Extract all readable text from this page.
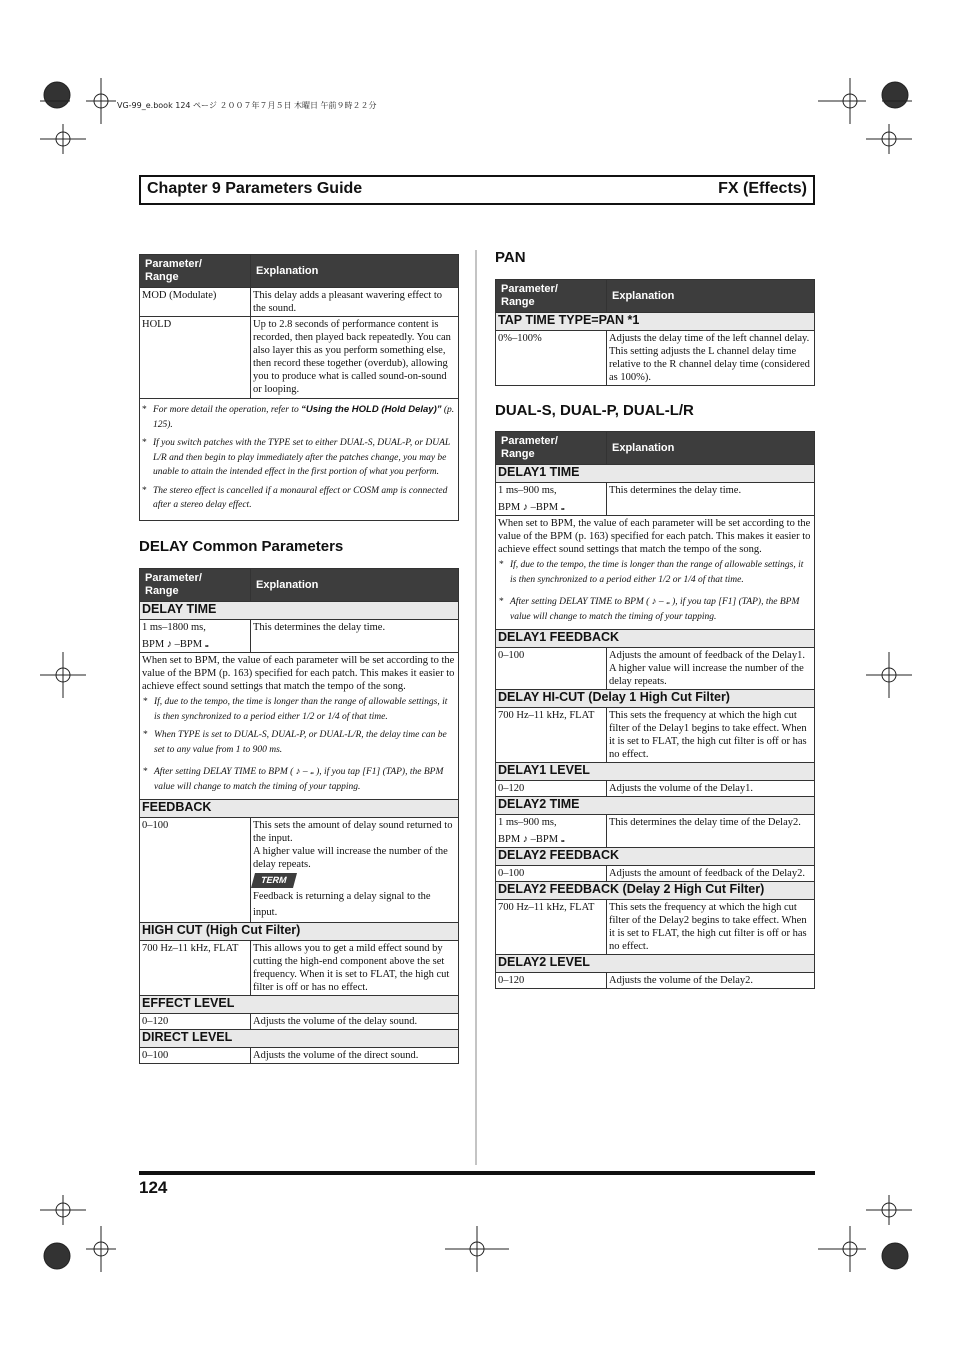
VG-99_e.book 124 ページ ２００７年７月５日 木曜日 午前９時２２分
Chapter 9 Parameters Guide	FX (Effects)
Parameter/
Range	Explanation
MOD (Modulate)	This delay adds a pleasant wavering effect to the sound.
HOLD	Up to 2.8 seconds of performance content is recorded, then played back repeatedly. You can also layer this as you perform something else, then record these together (overdub), allowing you to produce what is called sound-on-sound or looping.

* For more detail the operation, refer to “Using the HOLD (Hold Delay)” (p. 125).
* If you switch patches with the TYPE set to either DUAL-S, DUAL-P, or DUAL L/R and then begin to play immediately after the patches change, you may be unable to attain the intended effect in the first portion of what you perform.
* The stereo effect is cancelled if a monaural effect or COSM amp is connected after a stereo delay effect.
DELAY Common Parameters
Parameter/
Range	Explanation
DELAY TIME	

1 ms–1800 ms,
BPM ♪ –BPM 𝅝	This determines the delay time.

When set to BPM, the value of each parameter will be set according to the value of the BPM (p. 163) specified for each patch. This makes it easier to achieve effect sound settings that match the tempo of the song.
* If, due to the tempo, the time is longer than the range of allowable settings, it is then synchronized to a period either 1/2 or 1/4 of that time.
* When TYPE is set to DUAL-S, DUAL-P, or DUAL-L/R, the delay time can be set to any value from 1 to 900 ms.
* After setting DELAY TIME to BPM ( ♪ – 𝅝 ), if you tap [F1] (TAP), the BPM value will change to match the timing of your tapping.

FEEDBACK	
0–100	This sets the amount of delay sound returned to the input.
A higher value will increase the number of the delay repeats.
TERM
Feedback is returning a delay signal to the input.

HIGH CUT (High Cut Filter)	
700 Hz–11 kHz, FLAT	This allows you to get a mild effect sound by cutting the high-end component above the set frequency. When it is set to FLAT, the high cut filter is off or has no effect.
EFFECT LEVEL	
0–120	Adjusts the volume of the delay sound.
DIRECT LEVEL	
0–100	Adjusts the volume of the direct sound.
PAN
Parameter/
Range	Explanation
TAP TIME TYPE=PAN *1	
0%–100%	Adjusts the delay time of the left channel delay. This setting adjusts the L channel delay time relative to the R channel delay time (considered as 100%).
DUAL-S, DUAL-P, DUAL-L/R
Parameter/
Range	Explanation
DELAY1 TIME	

1 ms–900 ms,
BPM ♪ –BPM 𝅝	This determines the delay time.

When set to BPM, the value of each parameter will be set according to the value of the BPM (p. 163) specified for each patch. This makes it easier to achieve effect sound settings that match the tempo of the song.
* If, due to the tempo, the time is longer than the range of allowable settings, it is then synchronized to a period either 1/2 or 1/4 of that time.
* After setting DELAY TIME to BPM ( ♪ – 𝅝 ), if you tap [F1] (TAP), the BPM value will change to match the timing of your tapping.

DELAY1 FEEDBACK	
0–100	Adjusts the amount of feedback of the Delay1. A higher value will increase the number of the delay repeats.
DELAY HI-CUT (Delay 1 High Cut Filter)	
700 Hz–11 kHz, FLAT	This sets the frequency at which the high cut filter of the Delay1 begins to take effect. When it is set to FLAT, the high cut filter is off or has no effect.
DELAY1 LEVEL	
0–120	Adjusts the volume of the Delay1.
DELAY2 TIME	

1 ms–900 ms,
BPM ♪ –BPM 𝅝	This determines the delay time of the Delay2.
DELAY2 FEEDBACK	
0–100	Adjusts the amount of feedback of the Delay2.
DELAY2 FEEDBACK (Delay 2 High Cut Filter)	
700 Hz–11 kHz, FLAT	This sets the frequency at which the high cut filter of the Delay2 begins to take effect. When it is set to FLAT, the high cut filter is off or has no effect.
DELAY2 LEVEL	
0–120	Adjusts the volume of the Delay2.
124
